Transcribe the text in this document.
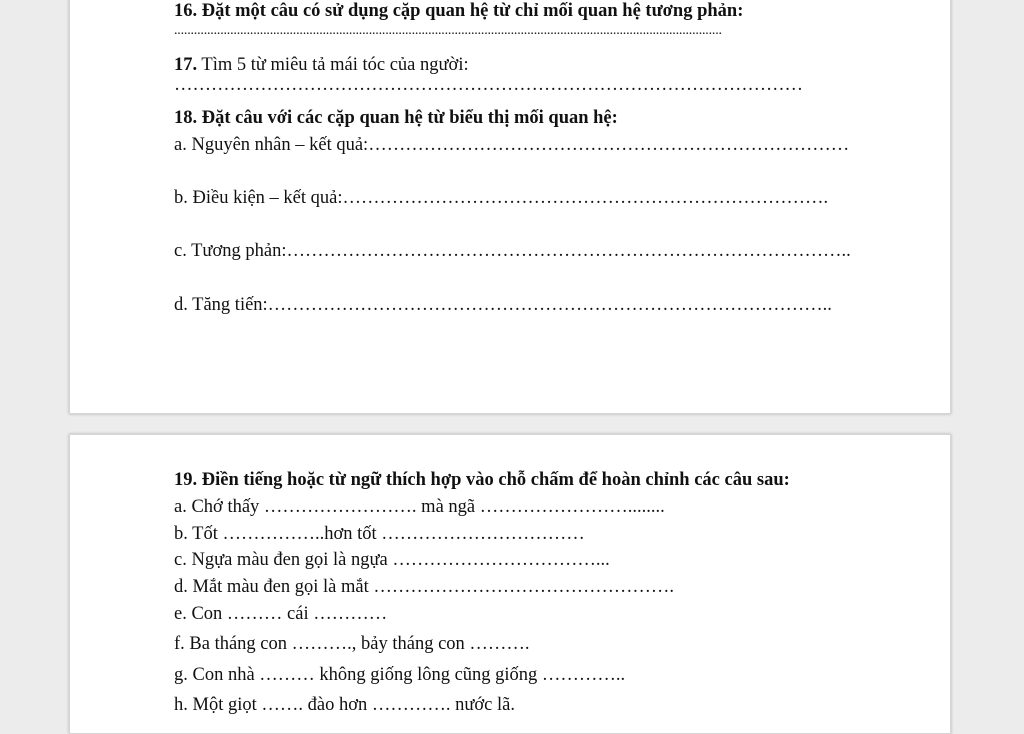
16. Đặt một câu có sử dụng cặp quan hệ từ chỉ mối quan hệ tương phản:
......................................................................................................................................................................
17. Tìm 5 từ miêu tả mái tóc của người:
…………………………………………………………………………………………
18. Đặt câu với các cặp quan hệ từ biểu thị mối quan hệ:
a. Nguyên nhân – kết quả:……………………………………………………………………
b. Điều kiện – kết quả:…………………………………………………………………….
c. Tương phản:………………………………………………………………………………..
d. Tăng tiến:………………………………………………………………………………..
19. Điền tiếng hoặc từ ngữ thích hợp vào chỗ chấm để hoàn chỉnh các câu sau:
a. Chớ thấy ……………………. mà ngã ……………………........
b. Tốt ……………..hơn tốt ……………………………
c. Ngựa màu đen gọi là ngựa ……………………………...
d. Mắt màu đen gọi là mắt ………………………………………….
e. Con ……… cái …………
f. Ba tháng con ………., bảy tháng con ……….
g. Con nhà ……… không giống lông cũng giống …………..
h. Một giọt ……. đào hơn …………. nước lã.
